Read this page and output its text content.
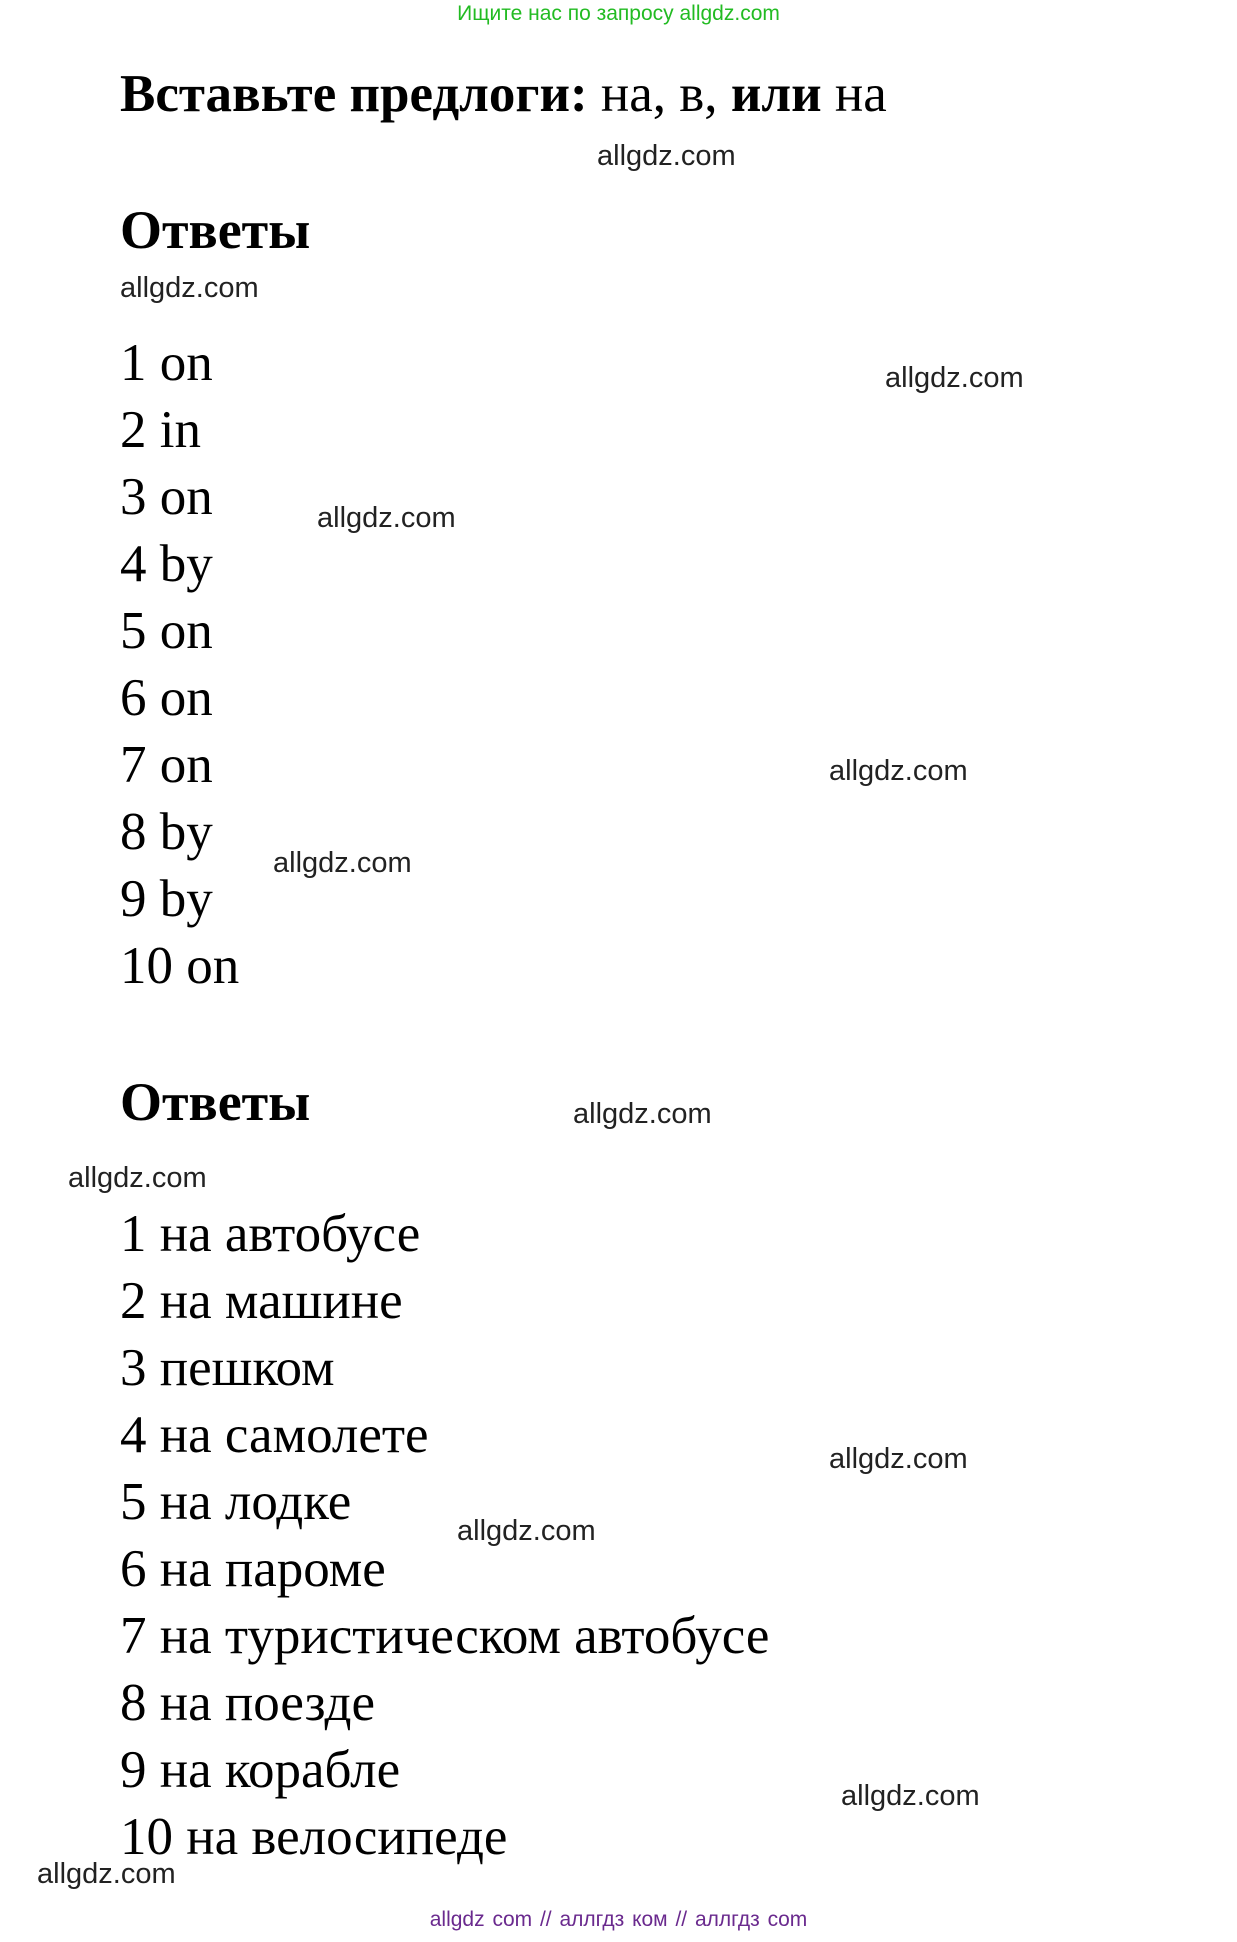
Ищите нас по запросу allgdz.com
Вставьте предлоги: на, в, или на
Ответы
1 on
2 in
3 on
4 by
5 on
6 on
7 on
8 by
9 by
10 on
Ответы
1 на автобусе
2 на машине
3 пешком
4 на самолете
5 на лодке
6 на пароме
7 на туристическом автобусе
8 на поезде
9 на корабле
10 на велосипеде
allgdz.com
allgdz.com
allgdz.com
allgdz.com
allgdz.com
allgdz.com
allgdz.com
allgdz.com
allgdz.com
allgdz.com
allgdz.com
allgdz.com
allgdz com // аллгдз ком // аллгдз com
